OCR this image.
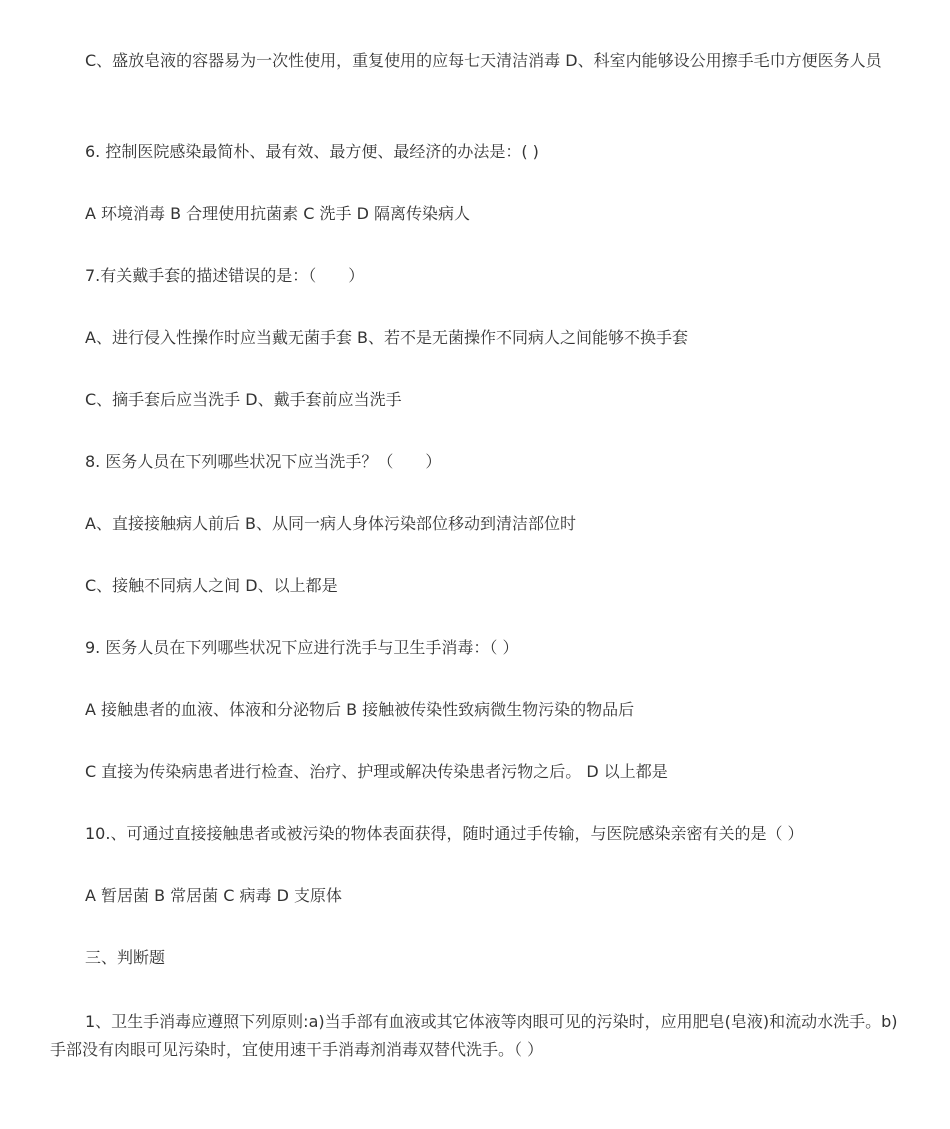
C、盛放皂液的容器易为一次性使用，重复使用的应每七天清洁消毒 D、科室内能够设公用擦手毛巾方便医务人员

6. 控制医院感染最简朴、最有效、最方便、最经济的办法是：( )

A 环境消毒 B 合理使用抗菌素 C 洗手 D 隔离传染病人

7.有关戴手套的描述错误的是：（　　）

A、进行侵入性操作时应当戴无菌手套 B、若不是无菌操作不同病人之间能够不换手套

C、摘手套后应当洗手 D、戴手套前应当洗手

8. 医务人员在下列哪些状况下应当洗手？（　　）

A、直接接触病人前后 B、从同一病人身体污染部位移动到清洁部位时

C、接触不同病人之间 D、以上都是

9. 医务人员在下列哪些状况下应进行洗手与卫生手消毒：（ ）

A 接触患者的血液、体液和分泌物后 B 接触被传染性致病微生物污染的物品后

C 直接为传染病患者进行检查、治疗、护理或解决传染患者污物之后。 D 以上都是

10.、可通过直接接触患者或被污染的物体表面获得，随时通过手传输，与医院感染亲密有关的是（ ）

A 暂居菌 B 常居菌 C 病毒 D 支原体

三、判断题

1、卫生手消毒应遵照下列原则:a)当手部有血液或其它体液等肉眼可见的污染时，应用肥皂(皂液)和流动水洗手。b)手部没有肉眼可见污染时，宜使用速干手消毒剂消毒双替代洗手。（ ）
